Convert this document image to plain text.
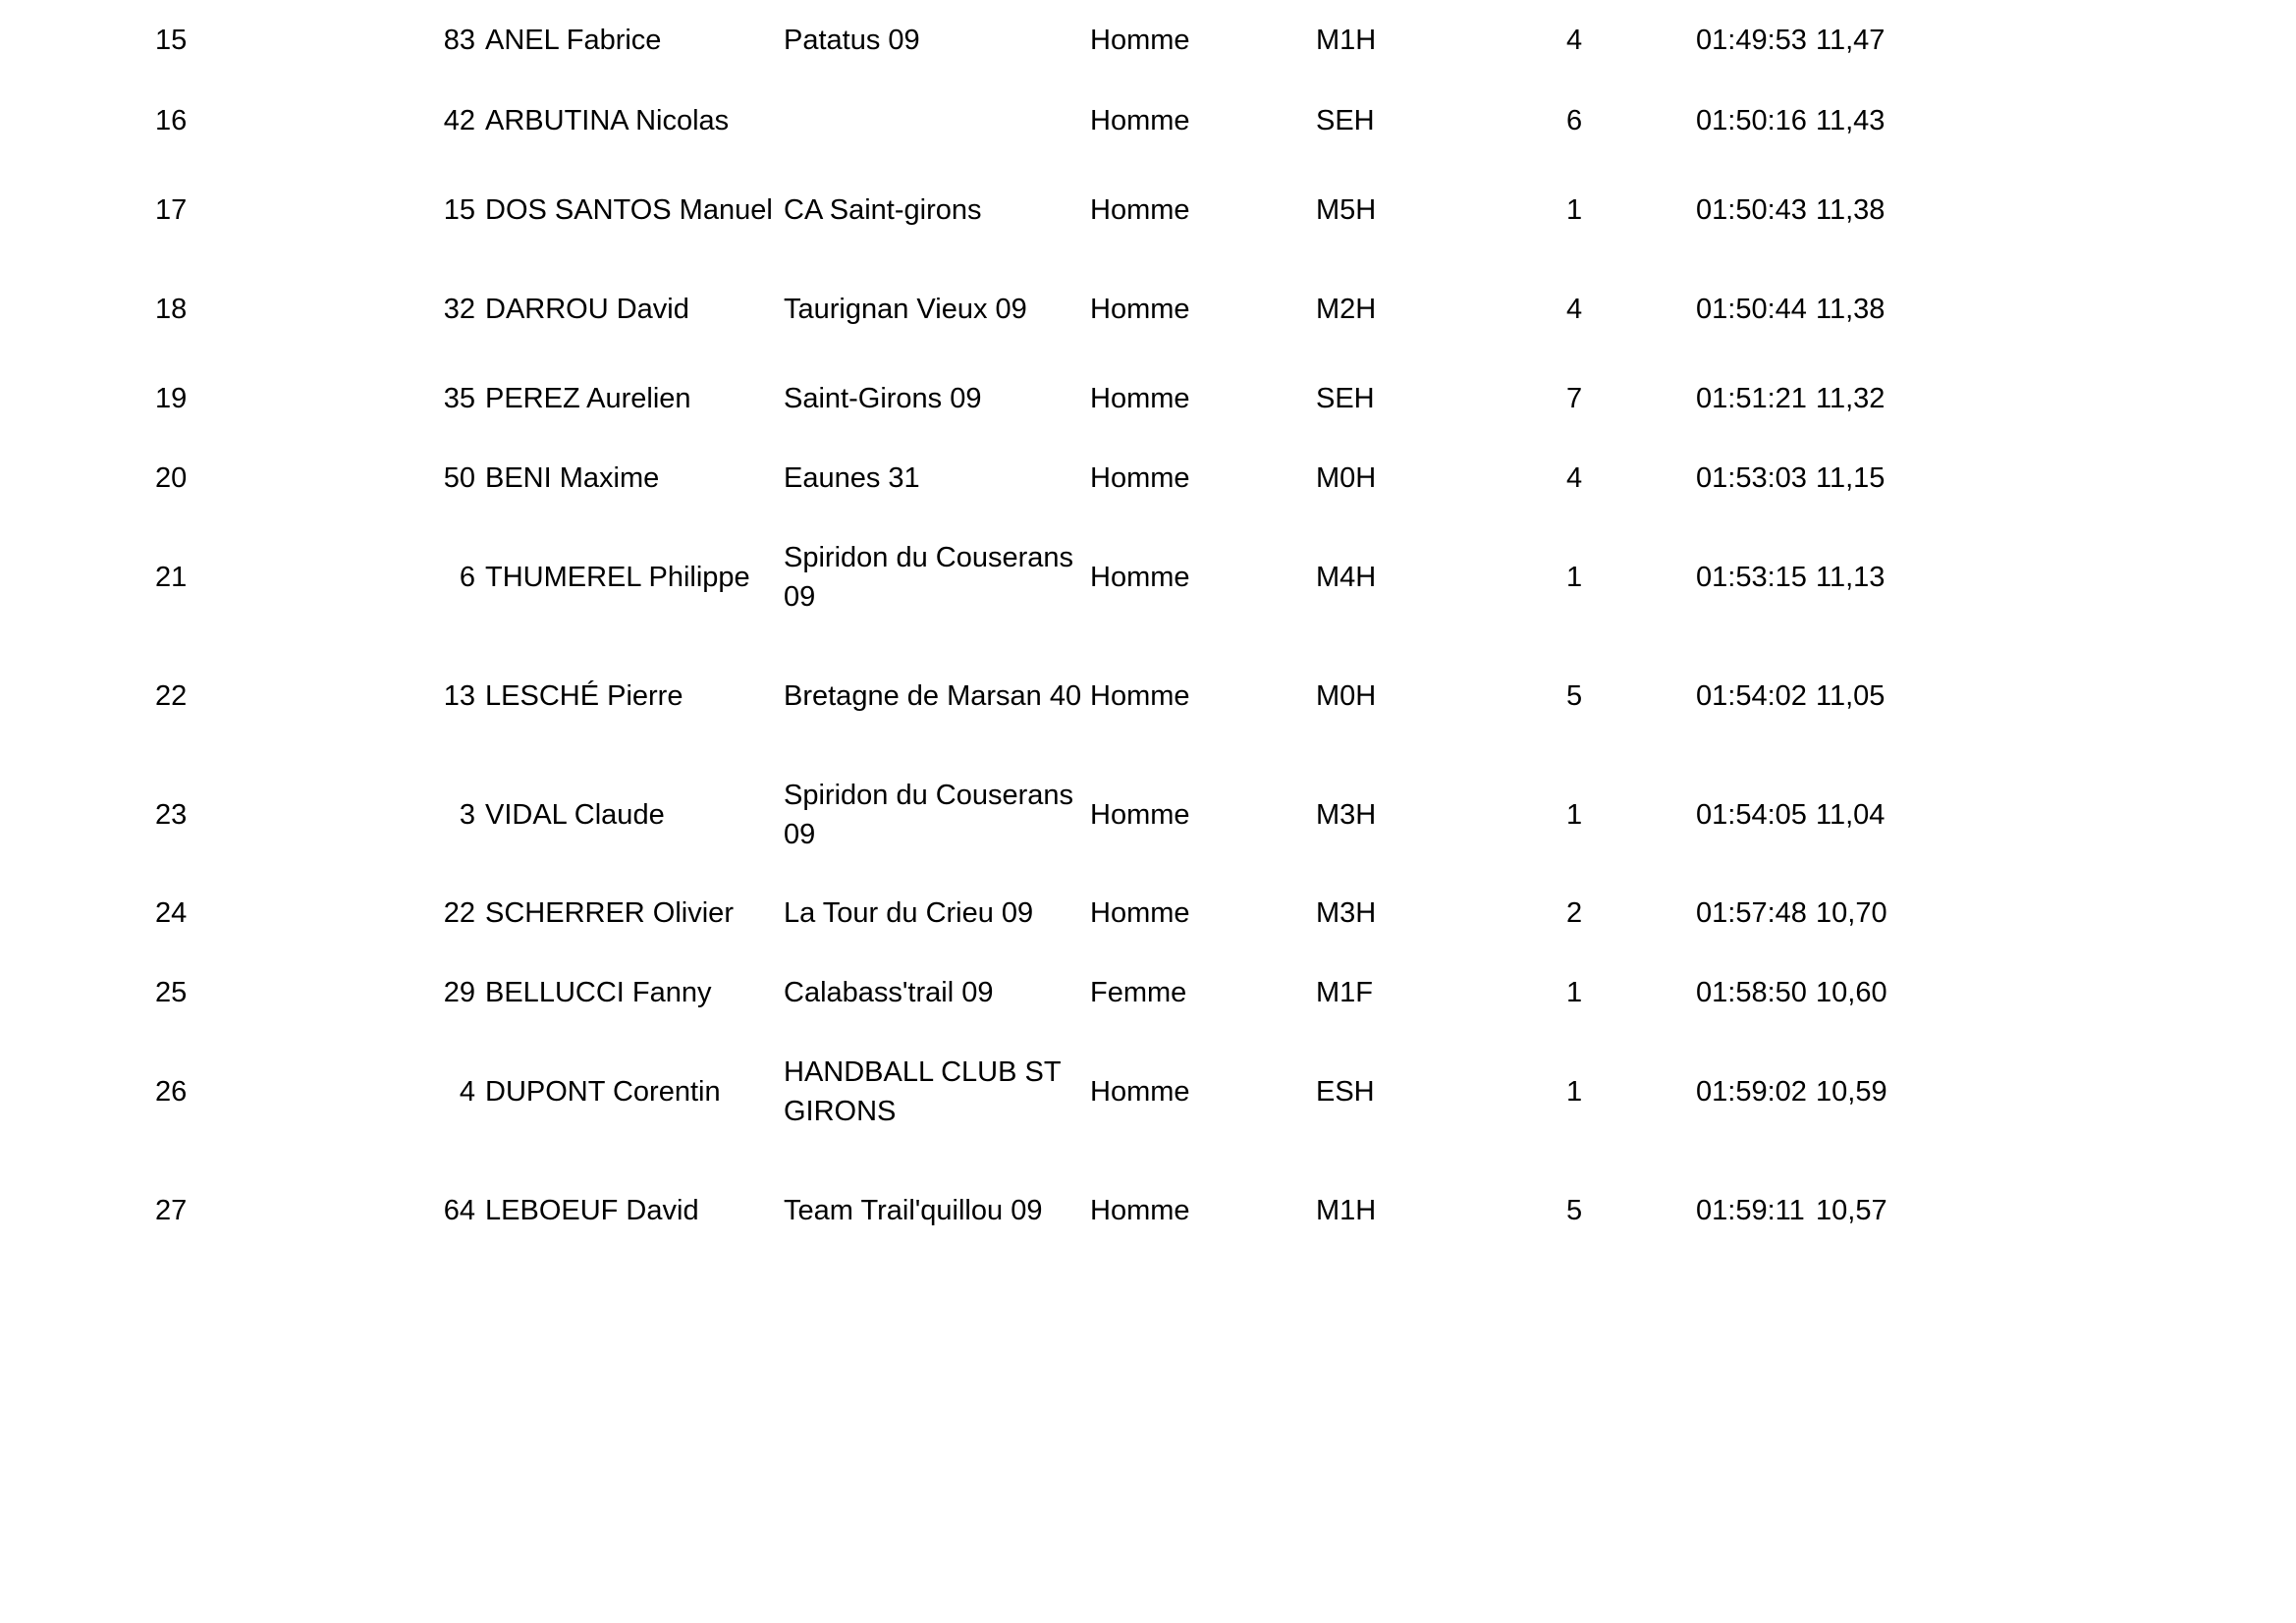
15	83	ANEL Fabrice	Patatus 09	Homme	M1H	4	01:49:53	11,47
16	42	ARBUTINA Nicolas		Homme	SEH	6	01:50:16	11,43
17	15	DOS SANTOS Manuel	CA Saint-girons	Homme	M5H	1	01:50:43	11,38
18	32	DARROU David	Taurignan Vieux 09	Homme	M2H	4	01:50:44	11,38
19	35	PEREZ Aurelien	Saint-Girons 09	Homme	SEH	7	01:51:21	11,32
20	50	BENI Maxime	Eaunes 31	Homme	M0H	4	01:53:03	11,15
21	6	THUMEREL Philippe	Spiridon du Couserans 09	Homme	M4H	1	01:53:15	11,13
22	13	LESCHÉ Pierre	Bretagne de Marsan 40	Homme	M0H	5	01:54:02	11,05
23	3	VIDAL Claude	Spiridon du Couserans 09	Homme	M3H	1	01:54:05	11,04
24	22	SCHERRER Olivier	La Tour du Crieu 09	Homme	M3H	2	01:57:48	10,70
25	29	BELLUCCI Fanny	Calabass'trail 09	Femme	M1F	1	01:58:50	10,60
26	4	DUPONT Corentin	HANDBALL CLUB ST GIRONS	Homme	ESH	1	01:59:02	10,59
27	64	LEBOEUF David	Team Trail'quillou 09	Homme	M1H	5	01:59:11	10,57
